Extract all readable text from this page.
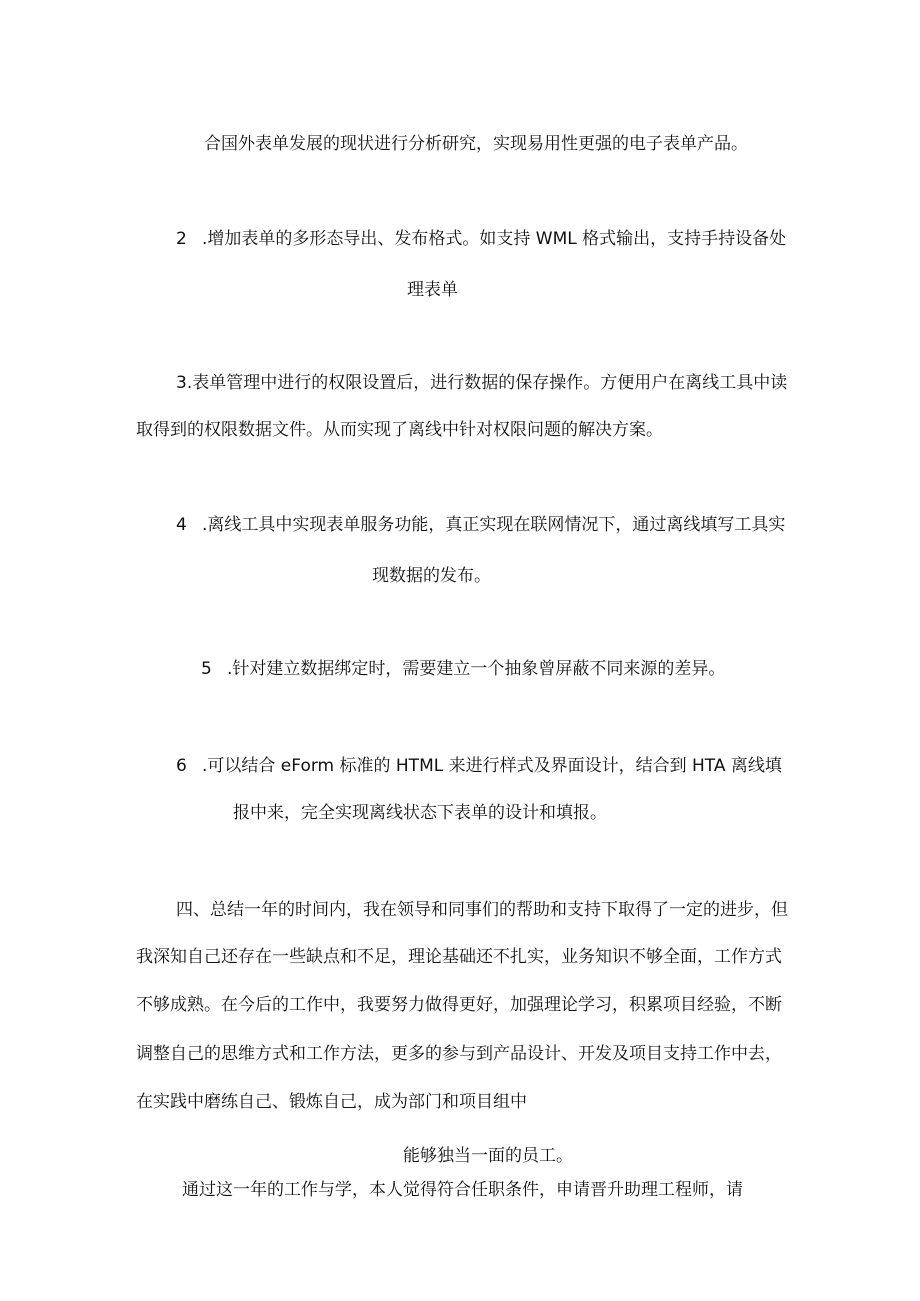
合国外表单发展的现状进行分析研究，实现易用性更强的电子表单产品。
2 .增加表单的多形态导出、发布格式。如支持 WML 格式输出，支持手持设备处
理表单
3.表单管理中进行的权限设置后，进行数据的保存操作。方便用户在离线工具中读
取得到的权限数据文件。从而实现了离线中针对权限问题的解决方案。
4 .离线工具中实现表单服务功能，真正实现在联网情况下，通过离线填写工具实
现数据的发布。
5 .针对建立数据绑定时，需要建立一个抽象曾屏蔽不同来源的差异。
6 .可以结合 eForm 标准的 HTML 来进行样式及界面设计，结合到 HTA 离线填
报中来，完全实现离线状态下表单的设计和填报。
四、总结一年的时间内，我在领导和同事们的帮助和支持下取得了一定的进步，但
我深知自己还存在一些缺点和不足，理论基础还不扎实，业务知识不够全面，工作方式
不够成熟。在今后的工作中，我要努力做得更好，加强理论学习，积累项目经验，不断
调整自己的思维方式和工作方法，更多的参与到产品设计、开发及项目支持工作中去，
在实践中磨练自己、锻炼自己，成为部门和项目组中
能够独当一面的员工。
通过这一年的工作与学，本人觉得符合任职条件，申请晋升助理工程师，请
